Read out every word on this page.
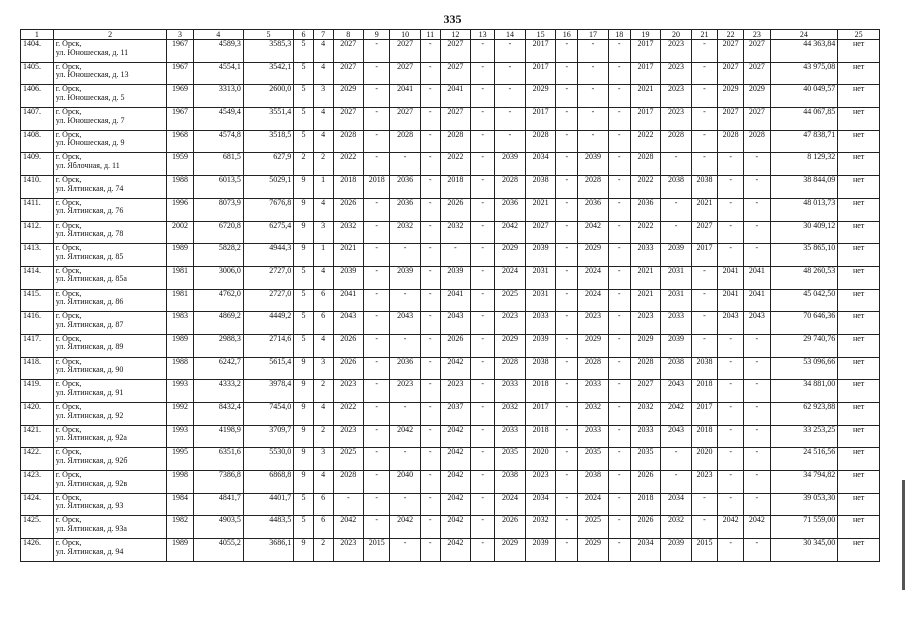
335
1	2	3	4	5	6	7	8	9	10	11	12	13	14	15	16	17	18	19	20	21	22	23	24	25
1404.	г. Орск,
ул. Юношеская, д. 11	1967	4589,3	3585,3	5	4	2027	-	2027	-	2027	-	-	2017	-	-	-	2017	2023	-	2027	2027	44 363,84	нет
1405.	г. Орск,
ул. Юношеская, д. 13	1967	4554,1	3542,1	5	4	2027	-	2027	-	2027	-	-	2017	-	-	-	2017	2023	-	2027	2027	43 975,08	нет
1406.	г. Орск,
ул. Юношеская, д. 5	1969	3313,0	2600,0	5	3	2029	-	2041	-	2041	-	-	2029	-	-	-	2021	2023	-	2029	2029	40 049,57	нет
1407.	г. Орск,
ул. Юношеская, д. 7	1967	4549,4	3551,4	5	4	2027	-	2027	-	2027	-	-	2017	-	-	-	2017	2023	-	2027	2027	44 067,85	нет
1408.	г. Орск,
ул. Юношеская, д. 9	1968	4574,8	3518,5	5	4	2028	-	2028	-	2028	-	-	2028	-	-	-	2022	2028	-	2028	2028	47 838,71	нет
1409.	г. Орск,
ул. Яблочная, д. 11	1959	681,5	627,9	2	2	2022	-	-	-	2022	-	2039	2034	-	2039	-	2028	-	-	-	-	8 129,32	нет
1410.	г. Орск,
ул. Ялтинская, д. 74	1988	6013,5	5029,1	9	1	2018	2018	2036	-	2018	-	2028	2038	-	2028	-	2022	2038	2038	-	-	38 844,09	нет
1411.	г. Орск,
ул. Ялтинская, д. 76	1996	8073,9	7676,8	9	4	2026	-	2036	-	2026	-	2036	2021	-	2036	-	2036	-	2021	-	-	48 013,73	нет
1412.	г. Орск,
ул. Ялтинская, д. 78	2002	6720,8	6275,4	9	3	2032	-	2032	-	2032	-	2042	2027	-	2042	-	2022	-	2027	-	-	30 409,12	нет
1413.	г. Орск,
ул. Ялтинская, д. 85	1989	5828,2	4944,3	9	1	2021	-	-	-	-	-	2029	2039	-	2029	-	2033	2039	2017	-	-	35 865,10	нет
1414.	г. Орск,
ул. Ялтинская, д. 85а	1981	3006,0	2727,0	5	4	2039	-	2039	-	2039	-	2024	2031	-	2024	-	2021	2031	-	2041	2041	48 260,53	нет
1415.	г. Орск,
ул. Ялтинская, д. 86	1981	4762,0	2727,0	5	6	2041	-	-	-	2041	-	2025	2031	-	2024	-	2021	2031	-	2041	2041	45 042,50	нет
1416.	г. Орск,
ул. Ялтинская, д. 87	1983	4869,2	4449,2	5	6	2043	-	2043	-	2043	-	2023	2033	-	2023	-	2023	2033	-	2043	2043	70 646,36	нет
1417.	г. Орск,
ул. Ялтинская, д. 89	1989	2988,3	2714,6	5	4	2026	-	-	-	2026	-	2029	2039	-	2029	-	2029	2039	-	-	-	29 740,76	нет
1418.	г. Орск,
ул. Ялтинская, д. 90	1988	6242,7	5615,4	9	3	2026	-	2036	-	2042	-	2028	2038	-	2028	-	2028	2038	2038	-	-	53 096,66	нет
1419.	г. Орск,
ул. Ялтинская, д. 91	1993	4333,2	3978,4	9	2	2023	-	2023	-	2023	-	2033	2018	-	2033	-	2027	2043	2018	-	-	34 881,00	нет
1420.	г. Орск,
ул. Ялтинская, д. 92	1992	8432,4	7454,0	9	4	2022	-	-	-	2037	-	2032	2017	-	2032	-	2032	2042	2017	-	-	62 923,88	нет
1421.	г. Орск,
ул. Ялтинская, д. 92а	1993	4198,9	3709,7	9	2	2023	-	2042	-	2042	-	2033	2018	-	2033	-	2033	2043	2018	-	-	33 253,25	нет
1422.	г. Орск,
ул. Ялтинская, д. 92б	1995	6351,6	5530,0	9	3	2025	-	-	-	2042	-	2035	2020	-	2035	-	2035	-	2020	-	-	24 516,56	нет
1423.	г. Орск,
ул. Ялтинская, д. 92в	1998	7386,8	6868,8	9	4	2028	-	2040	-	2042	-	2038	2023	-	2038	-	2026	-	2023	-	-	34 794,82	нет
1424.	г. Орск,
ул. Ялтинская, д. 93	1984	4841,7	4401,7	5	6	-	-	-	-	2042	-	2024	2034	-	2024	-	2018	2034	-	-	-	39 053,30	нет
1425.	г. Орск,
ул. Ялтинская, д. 93а	1982	4903,5	4483,5	5	6	2042	-	2042	-	2042	-	2026	2032	-	2025	-	2026	2032	-	2042	2042	71 559,00	нет
1426.	г. Орск,
ул. Ялтинская, д. 94	1989	4055,2	3686,1	9	2	2023	2015	-	-	2042	-	2029	2039	-	2029	-	2034	2039	2015	-	-	30 345,00	нет
